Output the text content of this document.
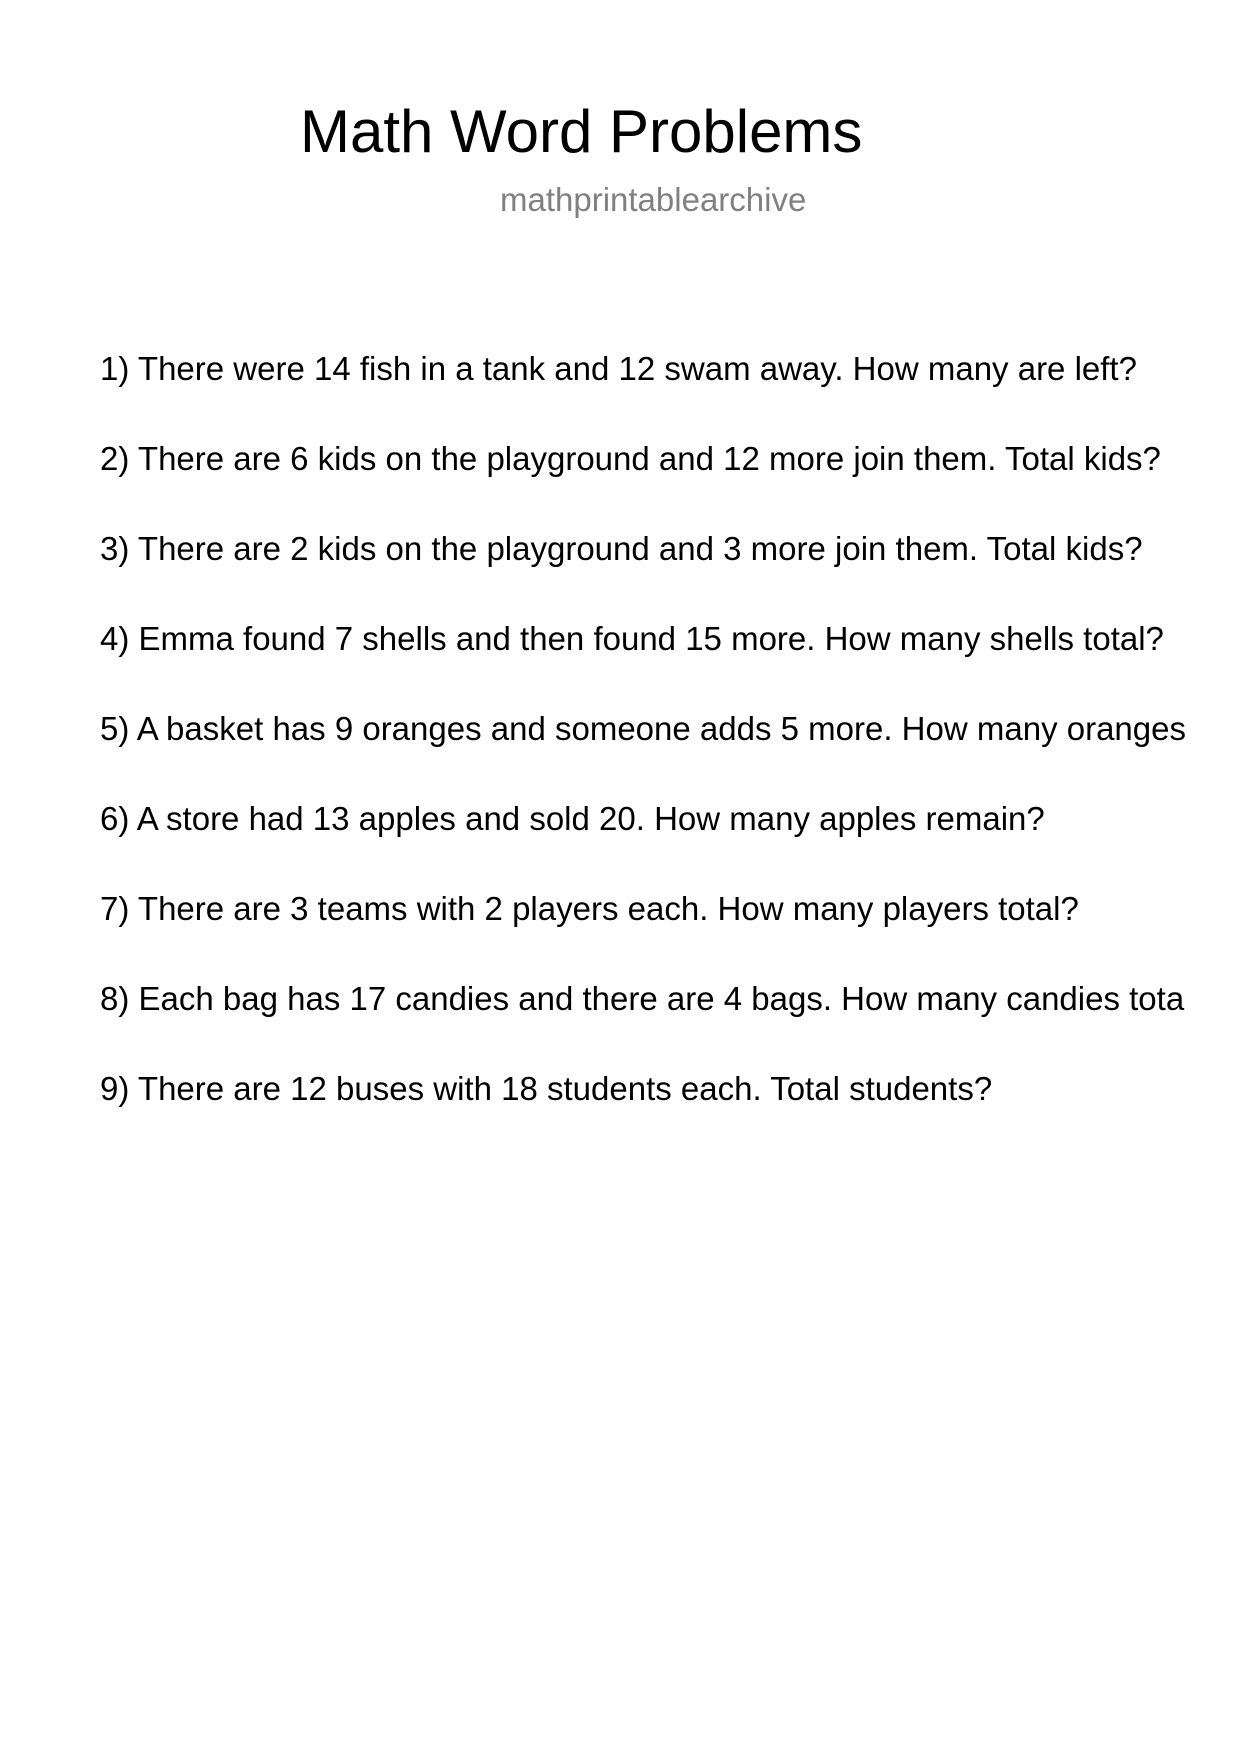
Math Word Problems
mathprintablearchive
1) There were 14 fish in a tank and 12 swam away. How many are left?
2) There are 6 kids on the playground and 12 more join them. Total kids?
3) There are 2 kids on the playground and 3 more join them. Total kids?
4) Emma found 7 shells and then found 15 more. How many shells total?
5) A basket has 9 oranges and someone adds 5 more. How many oranges
6) A store had 13 apples and sold 20. How many apples remain?
7) There are 3 teams with 2 players each. How many players total?
8) Each bag has 17 candies and there are 4 bags. How many candies tota
9) There are 12 buses with 18 students each. Total students?
